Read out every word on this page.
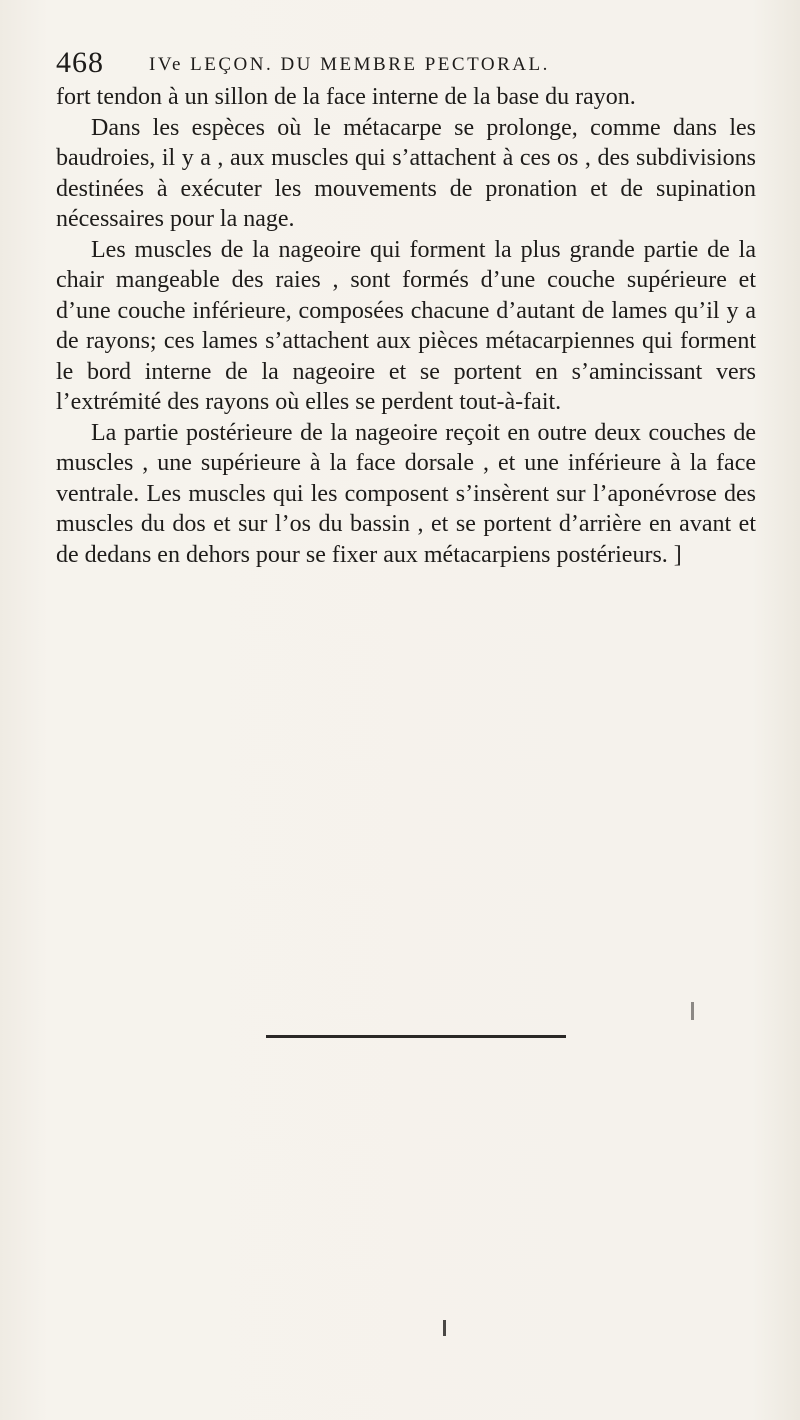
468 IVe LEÇON. DU MEMBRE PECTORAL.

fort tendon à un sillon de la face interne de la base du rayon.

Dans les espèces où le métacarpe se prolonge, comme dans les baudroies, il y a , aux muscles qui s’attachent à ces os , des subdivisions destinées à exécuter les mouvements de pronation et de supination nécessaires pour la nage.

Les muscles de la nageoire qui forment la plus grande partie de la chair mangeable des raies , sont formés d’une couche supérieure et d’une couche inférieure, composées chacune d’autant de lames qu’il y a de rayons; ces lames s’attachent aux pièces métacarpiennes qui forment le bord interne de la nageoire et se portent en s’amincissant vers l’extrémité des rayons où elles se perdent tout-à-fait.

La partie postérieure de la nageoire reçoit en outre deux couches de muscles , une supérieure à la face dorsale , et une inférieure à la face ventrale. Les muscles qui les composent s’insèrent sur l’aponévrose des muscles du dos et sur l’os du bassin , et se portent d’arrière en avant et de dedans en dehors pour se fixer aux métacarpiens postérieurs. ]
